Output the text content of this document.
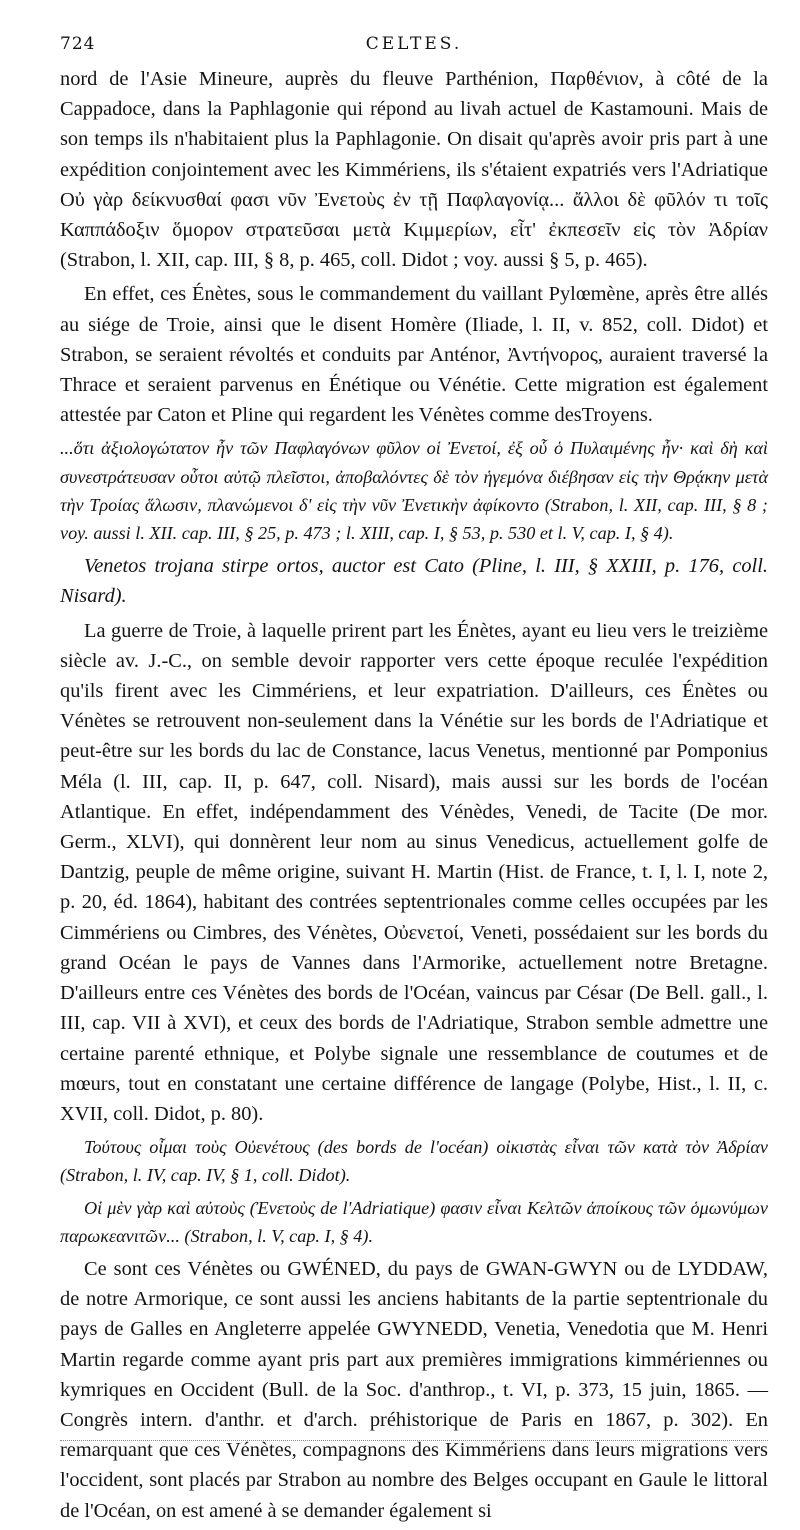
724	CELTES.

nord de l'Asie Mineure, auprès du fleuve Parthénion, Παρθένιον, à côté de la Cappadoce, dans la Paphlagonie qui répond au livah actuel de Kastamouni. Mais de son temps ils n'habitaient plus la Paphlagonie. On disait qu'après avoir pris part à une expédition conjointement avec les Kimmériens, ils s'étaient expatriés vers l'Adriatique Οὐ γὰρ δείκνυσθαί φασι νῦν Ἐνετοὺς ἐν τῇ Παφλαγονίᾳ... ἄλλοι δὲ φῦλόν τι τοῖς Καππάδοξιν ὅμορον στρατεῦσαι μετὰ Κιμμερίων, εἶτ' ἐκπεσεῖν εἰς τὸν Ἀδρίαν (Strabon, l. XII, cap. III, § 8, p. 465, coll. Didot ; voy. aussi § 5, p. 465).

En effet, ces Énètes, sous le commandement du vaillant Pylœmène, après être allés au siége de Troie, ainsi que le disent Homère (Iliade, l. II, v. 852, coll. Didot) et Strabon, se seraient révoltés et conduits par Anténor, Ἀντήνορος, auraient traversé la Thrace et seraient parvenus en Énétique ou Vénétie. Cette migration est également attestée par Caton et Pline qui regardent les Vénètes comme desTroyens.

...ὅτι ἀξιολογώτατον ἦν τῶν Παφλαγόνων φῦλον οἱ Ἐνετοί, ἐξ οὗ ὁ Πυλαιμένης ἦν· καὶ δὴ καὶ συνεστράτευσαν οὗτοι αὐτῷ πλεῖστοι, ἀποβαλόντες δὲ τὸν ἡγεμόνα διέβησαν εἰς τὴν Θρᾴκην μετὰ τὴν Τροίας ἅλωσιν, πλανώμενοι δ' εἰς τὴν νῦν Ἐνετικὴν ἀφίκοντο (Strabon, l. XII, cap. III, § 8 ; voy. aussi l. XII. cap. III, § 25, p. 473 ; l. XIII, cap. I, § 53, p. 530 et l. V, cap. I, § 4).

Venetos trojana stirpe ortos, auctor est Cato (Pline, l. III, § XXIII, p. 176, coll. Nisard).

La guerre de Troie, à laquelle prirent part les Énètes, ayant eu lieu vers le treizième siècle av. J.-C., on semble devoir rapporter vers cette époque reculée l'expédition qu'ils firent avec les Cimmériens, et leur expatriation. D'ailleurs, ces Énètes ou Vénètes se retrouvent non-seulement dans la Vénétie sur les bords de l'Adriatique et peut-être sur les bords du lac de Constance, lacus Venetus, mentionné par Pomponius Méla (l. III, cap. II, p. 647, coll. Nisard), mais aussi sur les bords de l'océan Atlantique. En effet, indépendamment des Vénèdes, Venedi, de Tacite (De mor. Germ., XLVI), qui donnèrent leur nom au sinus Venedicus, actuellement golfe de Dantzig, peuple de même origine, suivant H. Martin (Hist. de France, t. I, l. I, note 2, p. 20, éd. 1864), habitant des contrées septentrionales comme celles occupées par les Cimmériens ou Cimbres, des Vénètes, Οὐενετοί, Veneti, possédaient sur les bords du grand Océan le pays de Vannes dans l'Armorike, actuellement notre Bretagne. D'ailleurs entre ces Vénètes des bords de l'Océan, vaincus par César (De Bell. gall., l. III, cap. VII à XVI), et ceux des bords de l'Adriatique, Strabon semble admettre une certaine parenté ethnique, et Polybe signale une ressemblance de coutumes et de mœurs, tout en constatant une certaine différence de langage (Polybe, Hist., l. II, c. XVII, coll. Didot, p. 80).

Τούτους οἶμαι τοὺς Οὐενέτους (des bords de l'océan) οἰκιστὰς εἶναι τῶν κατὰ τὸν Ἀδρίαν (Strabon, l. IV, cap. IV, § 1, coll. Didot).

Οἱ μὲν γὰρ καὶ αὐτοὺς (Ἐνετοὺς de l'Adriatique) φασιν εἶναι Κελτῶν ἀποίκους τῶν ὁμωνύμων παρωκεανιτῶν... (Strabon, l. V, cap. I, § 4).

Ce sont ces Vénètes ou GWÉNED, du pays de GWAN-GWYN ou de LYDDAW, de notre Armorique, ce sont aussi les anciens habitants de la partie septentrionale du pays de Galles en Angleterre appelée GWYNEDD, Venetia, Venedotia que M. Henri Martin regarde comme ayant pris part aux premières immigrations kimmériennes ou kymriques en Occident (Bull. de la Soc. d'anthrop., t. VI, p. 373, 15 juin, 1865. — Congrès intern. d'anthr. et d'arch. préhistorique de Paris en 1867, p. 302). En remarquant que ces Vénètes, compagnons des Kimmériens dans leurs migrations vers l'occident, sont placés par Strabon au nombre des Belges occupant en Gaule le littoral de l'Océan, on est amené à se demander également si
